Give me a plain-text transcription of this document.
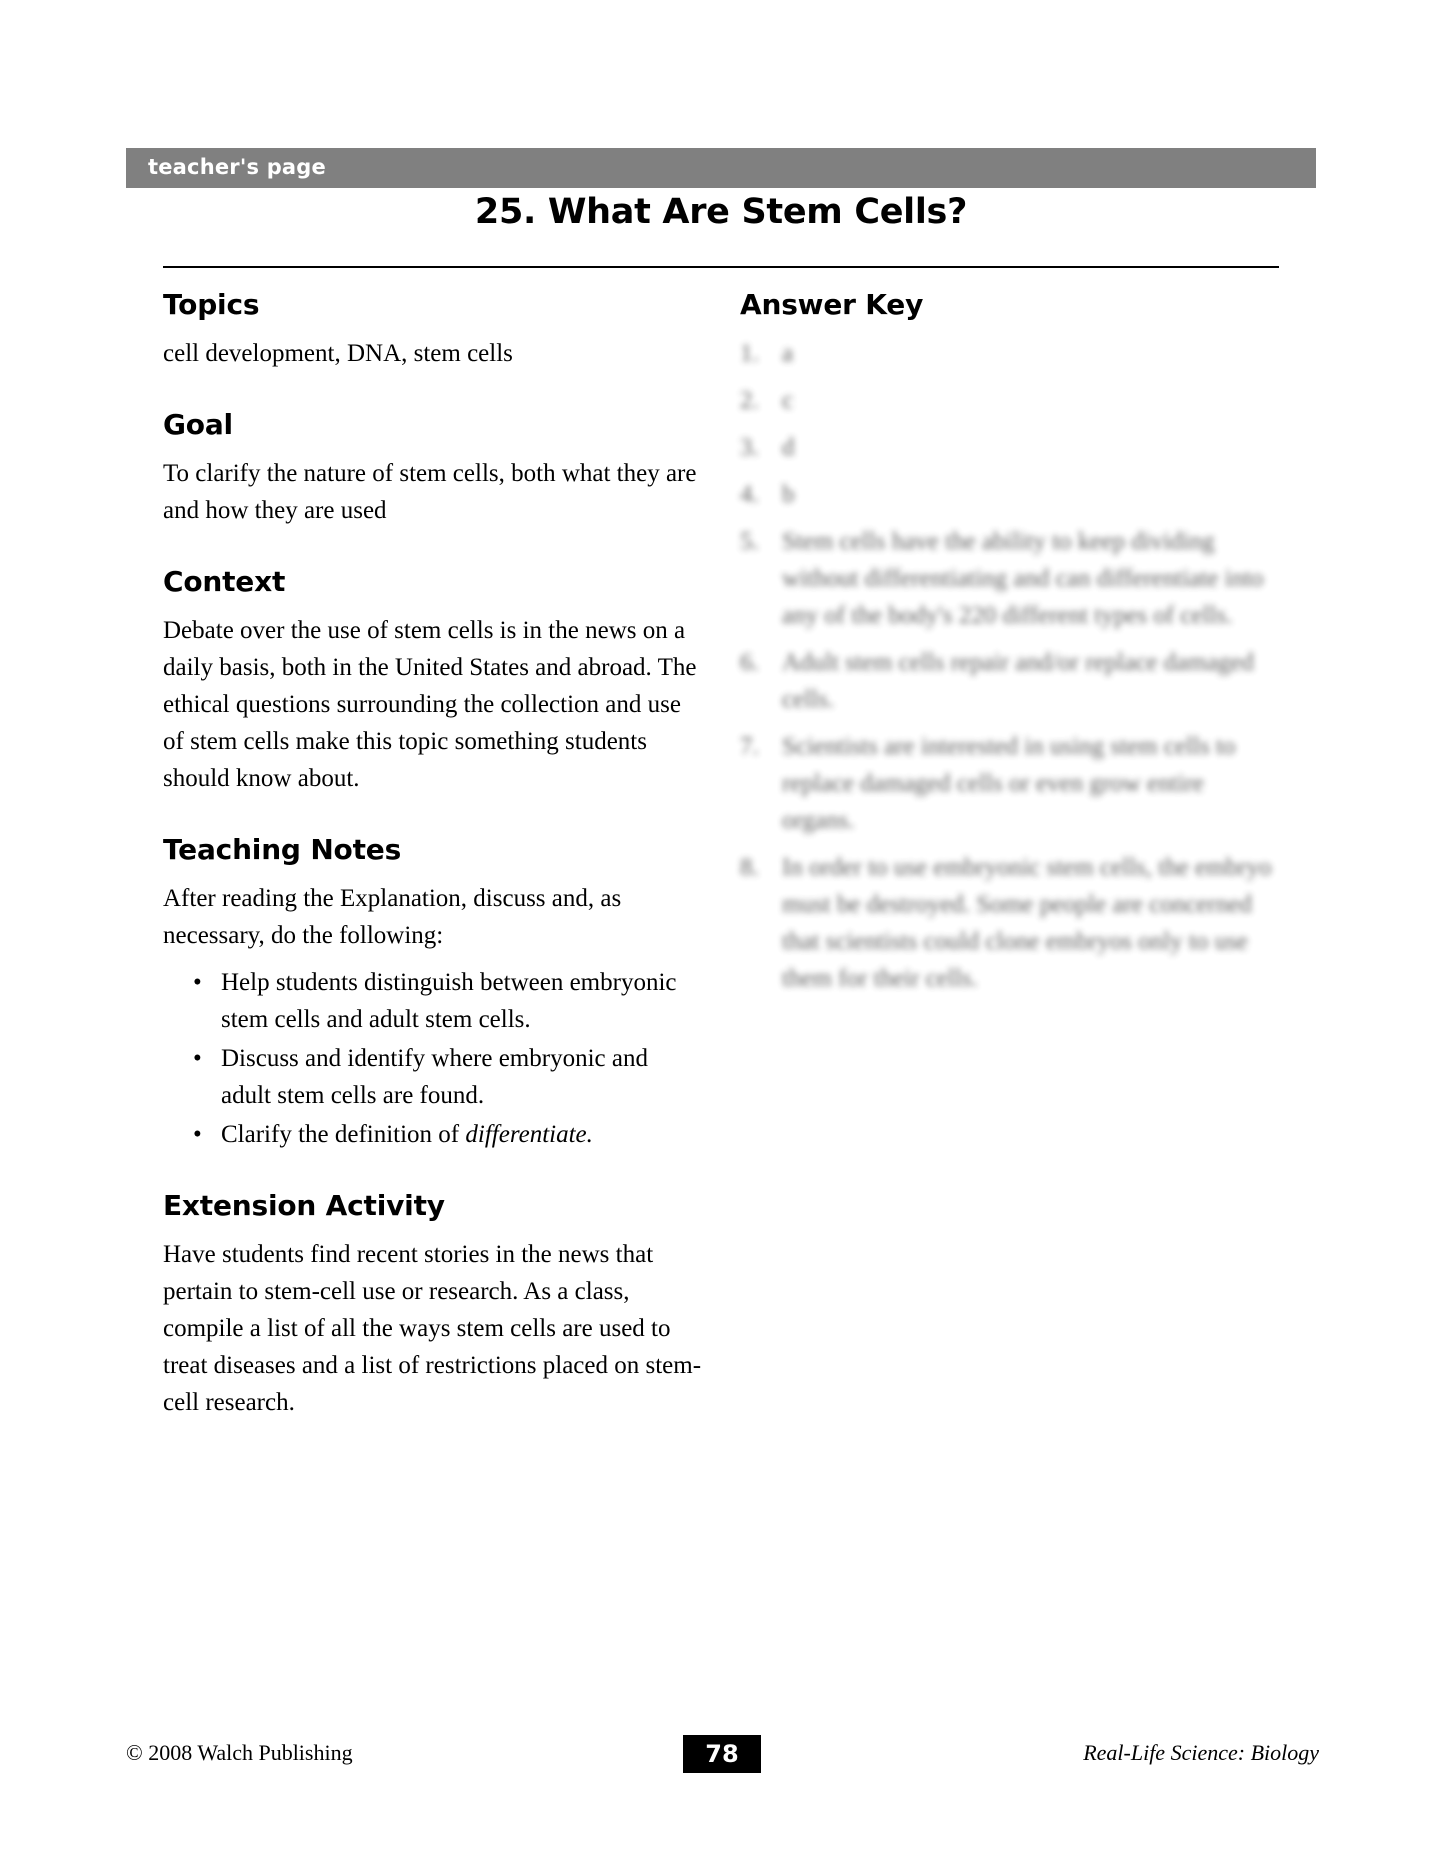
teacher's page
25. What Are Stem Cells?
Topics

cell development, DNA, stem cells

Goal

To clarify the nature of stem cells, both what they are and how they are used

Context

Debate over the use of stem cells is in the news on a daily basis, both in the United States and abroad. The ethical questions surrounding the collection and use of stem cells make this topic something students should know about.

Teaching Notes

After reading the Explanation, discuss and, as necessary, do the following:

• Help students distinguish between embryonic stem cells and adult stem cells.
• Discuss and identify where embryonic and adult stem cells are found.
• Clarify the definition of differentiate.
Extension Activity

Have students find recent stories in the news that pertain to stem-cell use or research. As a class, compile a list of all the ways stem cells are used to treat diseases and a list of restrictions placed on stem-cell research.

Answer Key
1. a
2. c
3. d
4. b
5. Stem cells have the ability to keep dividing without differentiating and can differentiate into any of the body's 220 different types of cells.
6. Adult stem cells repair and/or replace damaged cells.
7. Scientists are interested in using stem cells to replace damaged cells or even grow entire organs.
8. In order to use embryonic stem cells, the embryo must be destroyed. Some people are concerned that scientists could clone embryos only to use them for their cells.
© 2008 Walch Publishing	78	Real-Life Science: Biology
